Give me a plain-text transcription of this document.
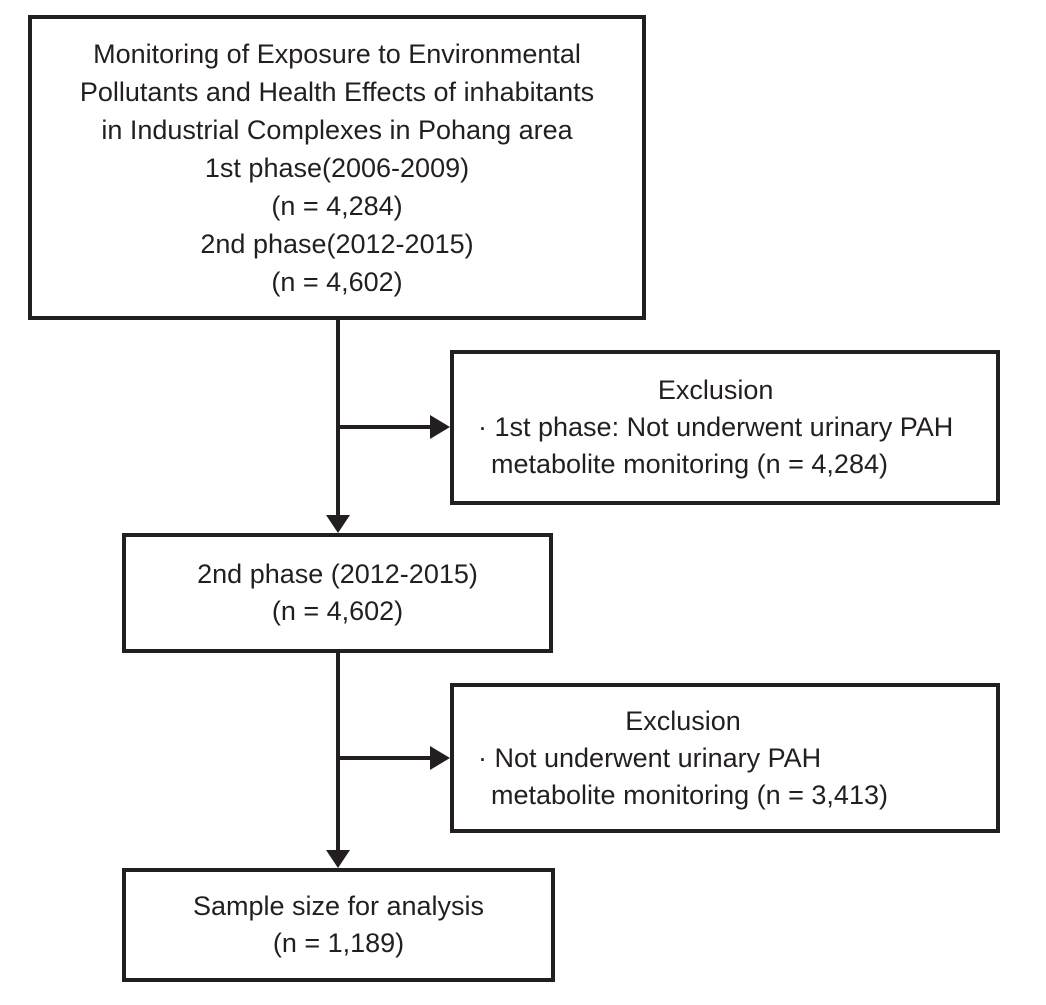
Monitoring of Exposure to Environmental
Pollutants and Health Effects of inhabitants
in Industrial Complexes in Pohang area
1st phase(2006-2009)
(n = 4,284)
2nd phase(2012-2015)
(n = 4,602)
Exclusion
· 1st phase: Not underwent urinary PAH
metabolite monitoring (n = 4,284)
2nd phase (2012-2015)
(n = 4,602)
Exclusion
· Not underwent urinary PAH
metabolite monitoring (n = 3,413)
Sample size for analysis
(n = 1,189)
